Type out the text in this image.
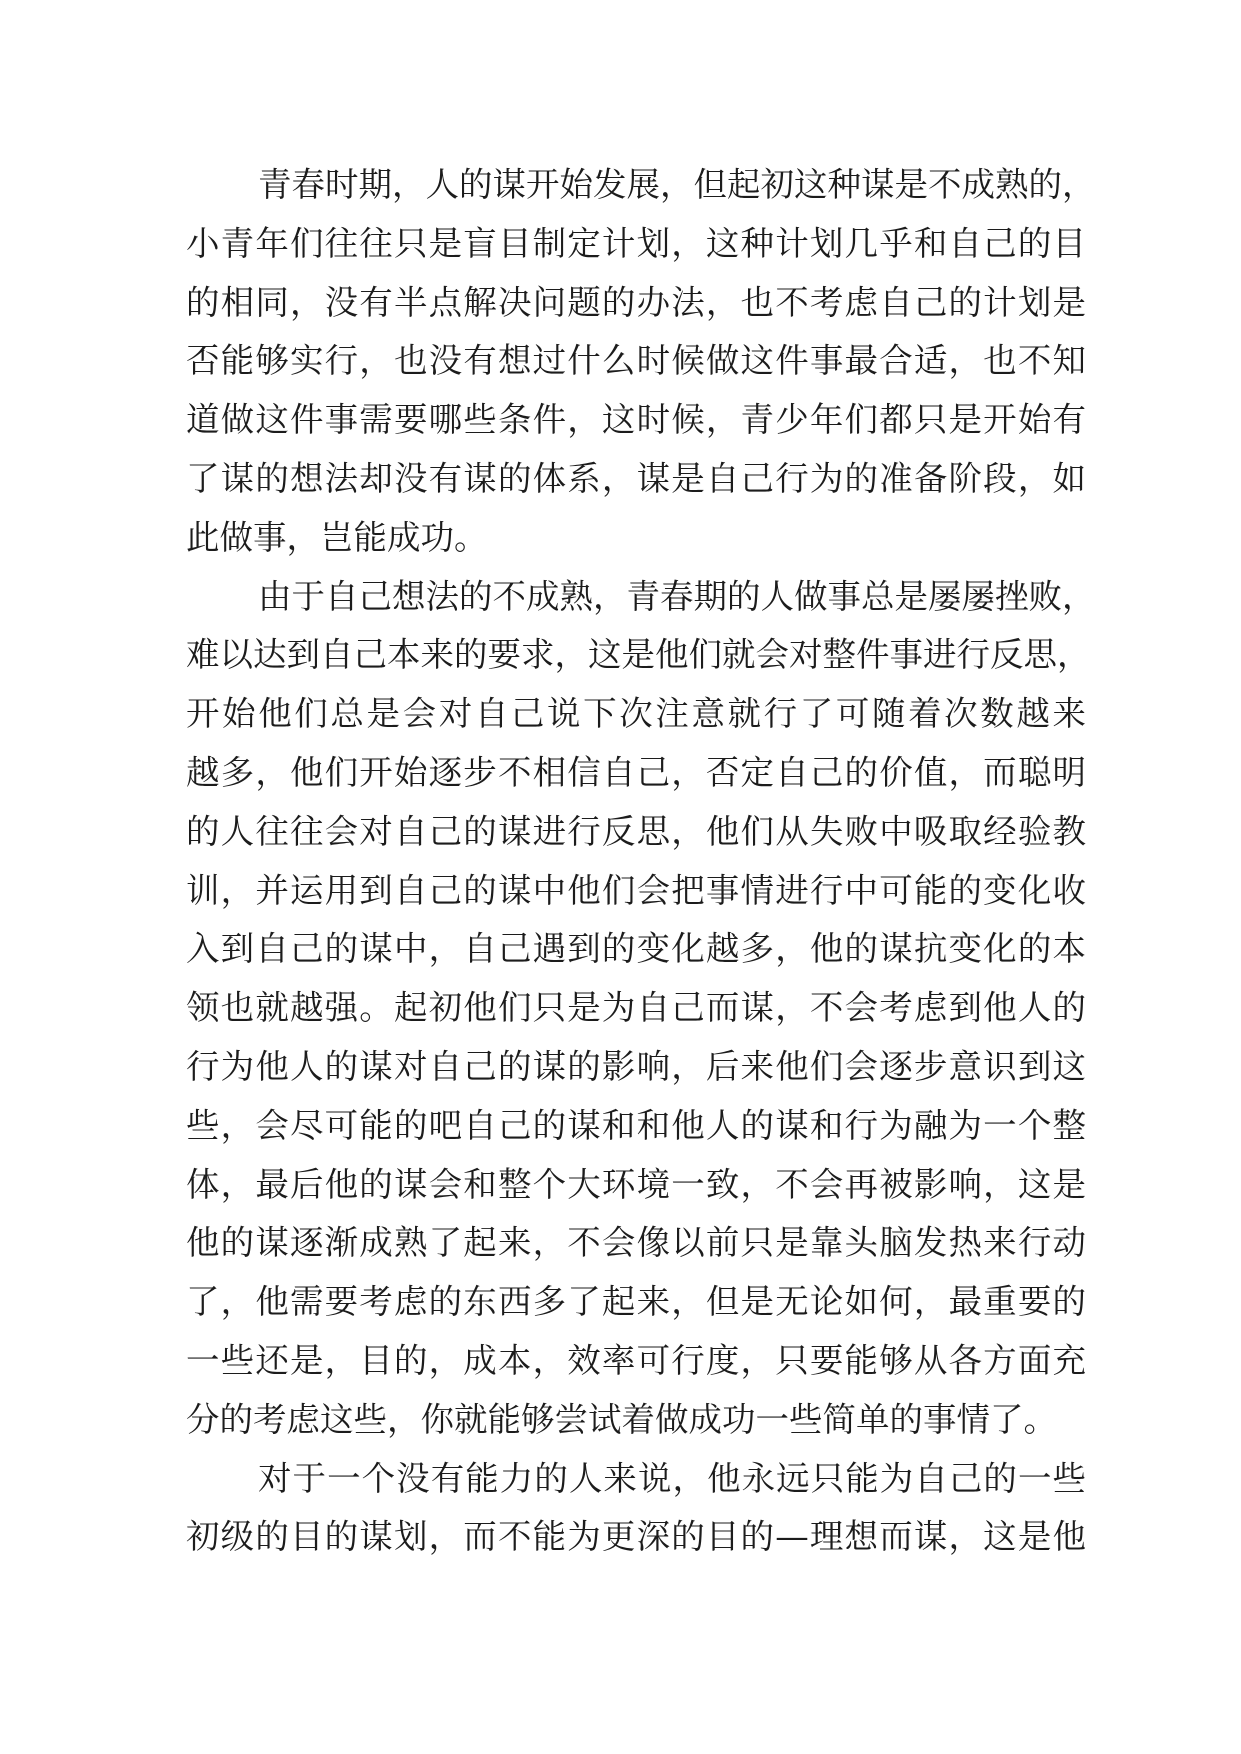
青春时期，人的谋开始发展，但起初这种谋是不成熟的，
小青年们往往只是盲目制定计划，这种计划几乎和自己的目
的相同，没有半点解决问题的办法，也不考虑自己的计划是
否能够实行，也没有想过什么时候做这件事最合适，也不知
道做这件事需要哪些条件，这时候，青少年们都只是开始有
了谋的想法却没有谋的体系，谋是自己行为的准备阶段，如
此做事，岂能成功。
由于自己想法的不成熟，青春期的人做事总是屡屡挫败，
难以达到自己本来的要求，这是他们就会对整件事进行反思，
开始他们总是会对自己说下次注意就行了可随着次数越来
越多，他们开始逐步不相信自己，否定自己的价值，而聪明
的人往往会对自己的谋进行反思，他们从失败中吸取经验教
训，并运用到自己的谋中他们会把事情进行中可能的变化收
入到自己的谋中，自己遇到的变化越多，他的谋抗变化的本
领也就越强。起初他们只是为自己而谋，不会考虑到他人的
行为他人的谋对自己的谋的影响，后来他们会逐步意识到这
些，会尽可能的吧自己的谋和和他人的谋和行为融为一个整
体，最后他的谋会和整个大环境一致，不会再被影响，这是
他的谋逐渐成熟了起来，不会像以前只是靠头脑发热来行动
了，他需要考虑的东西多了起来，但是无论如何，最重要的
一些还是，目的，成本，效率可行度，只要能够从各方面充
分的考虑这些，你就能够尝试着做成功一些简单的事情了。
对于一个没有能力的人来说，他永远只能为自己的一些
初级的目的谋划，而不能为更深的目的—理想而谋，这是他
